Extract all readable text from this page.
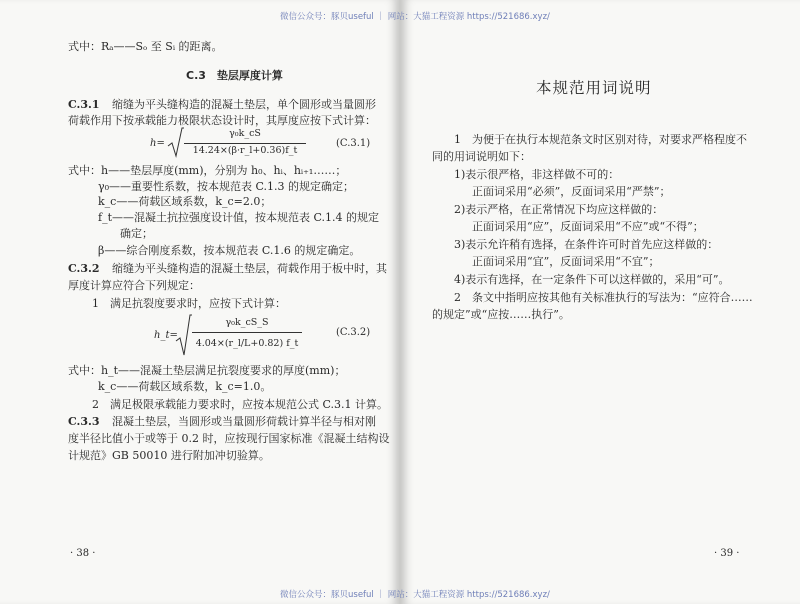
微信公众号：豚贝useful ｜ 网站：大猫工程资源 https://521686.xyz/
微信公众号：豚贝useful ｜ 网站：大猫工程资源 https://521686.xyz/
式中：Rₐ——Sₒ 至 Sᵢ 的距离。
C.3　垫层厚度计算
C.3.1 缩缝为平头缝构造的混凝土垫层，单个圆形或当量圆形
荷载作用下按承载能力极限状态设计时，其厚度应按下式计算：
h=
γ₀k_cS
14.24×(β·r_l+0.36)f_t
(C.3.1)
式中：h——垫层厚度(mm)，分别为 h₀、hᵢ、hᵢ₊₁……；
γ₀——重要性系数，按本规范表 C.1.3 的规定确定；
k_c——荷载区域系数，k_c=2.0；
f_t——混凝土抗拉强度设计值，按本规范表 C.1.4 的规定
确定；
β——综合刚度系数，按本规范表 C.1.6 的规定确定。
C.3.2 缩缝为平头缝构造的混凝土垫层，荷载作用于板中时，其
厚度计算应符合下列规定：
1　满足抗裂度要求时，应按下式计算：
h_t=
γ₀k_cS_S
4.04×(r_l/L+0.82) f_t
(C.3.2)
式中：h_t——混凝土垫层满足抗裂度要求的厚度(mm)；
k_c——荷载区域系数，k_c=1.0。
2　满足极限承载能力要求时，应按本规范公式 C.3.1 计算。
C.3.3 混凝土垫层，当圆形或当量圆形荷载计算半径与相对刚
度半径比值小于或等于 0.2 时，应按现行国家标准《混凝土结构设
计规范》GB 50010 进行附加冲切验算。
· 38 ·
本规范用词说明
1　为便于在执行本规范条文时区别对待，对要求严格程度不
同的用词说明如下：
1)表示很严格，非这样做不可的：
正面词采用“必须”，反面词采用“严禁”；
2)表示严格，在正常情况下均应这样做的：
正面词采用“应”，反面词采用“不应”或“不得”；
3)表示允许稍有选择，在条件许可时首先应这样做的：
正面词采用“宜”，反面词采用“不宜”；
4)表示有选择，在一定条件下可以这样做的，采用“可”。
2　条文中指明应按其他有关标准执行的写法为：“应符合……
的规定”或“应按……执行”。
· 39 ·
